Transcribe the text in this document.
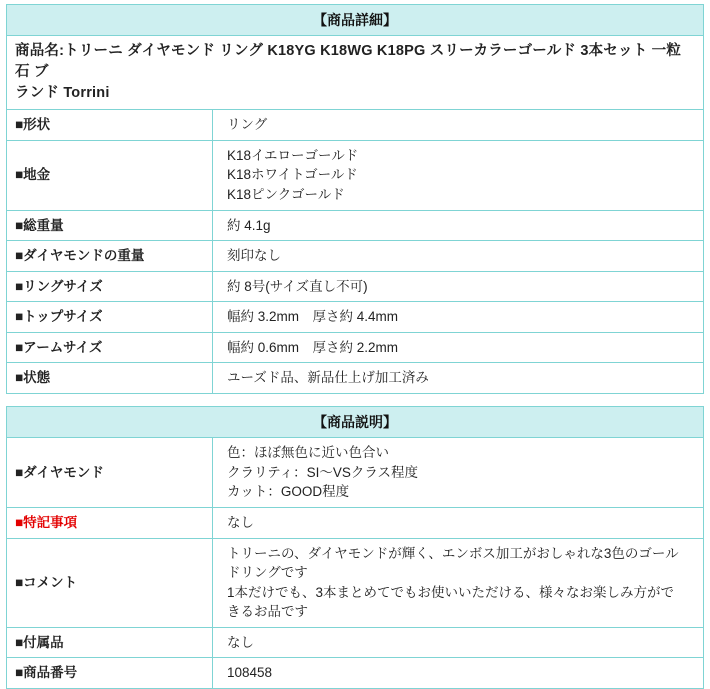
【商品詳細】	
商品名:トリーニ ダイヤモンド リング K18YG K18WG K18PG スリーカラーゴールド 3本セット 一粒石 ブ
ランド Torrini	
■形状	リング
■地金	K18イエローゴールド
K18ホワイトゴールド
K18ピンクゴールド

■総重量	約 4.1g
■ダイヤモンドの重量	刻印なし
■リングサイズ	約 8号(サイズ直し不可)
■トップサイズ	幅約 3.2mm　厚さ約 4.4mm
■アームサイズ	幅約 0.6mm　厚さ約 2.2mm
■状態	ユーズド品、新品仕上げ加工済み
【商品説明】	
■ダイヤモンド	色：ほぼ無色に近い色合い
クラリティ：SI〜VSクラス程度
カット：GOOD程度

■特記事項	なし
■コメント	トリーニの、ダイヤモンドが輝く、エンボス加工がおしゃれな3色のゴール
ドリングです
1本だけでも、3本まとめてでもお使いいただける、様々なお楽しみ方がで
きるお品です

■付属品	なし
■商品番号	108458
